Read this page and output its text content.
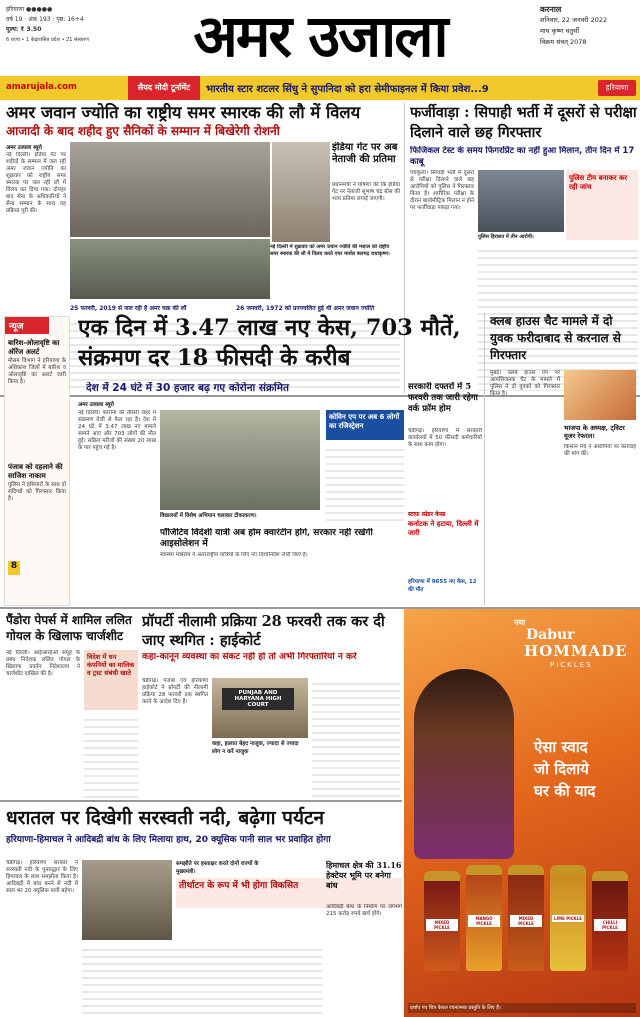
हरियाणा ●●●●●
वर्ष 19 · अंक 193 · पृष्ठ: 16+4
मूल्य: ₹ 3.50
6 राज्य • 1 केंद्रशासित प्रदेश • 21 संस्करण	अमर उजाला	करनाल
शनिवार, 22 जनवरी 2022
माघ कृष्ण चतुर्थी
विक्रम संवत् 2078
amarujala.com	सैयद मोदी टूर्नामेंट	भारतीय स्टार शटलर सिंधु ने सुपानिदा को हरा सेमीफाइनल में किया प्रवेश...9	हरियाणा
अमर जवान ज्योति का राष्ट्रीय समर स्मारक की लौ में विलय
आजादी के बाद शहीद हुए सैनिकों के सम्मान में बिखेरेगी रोशनी
अमर उजाला ब्यूरो
नई दिल्ली। इंडिया गेट पर शहीदों के सम्मान में जल रही अमर जवान ज्योति का शुक्रवार को राष्ट्रीय समर स्मारक पर जल रही लौ में विलय कर दिया गया। दोपहर बाद सेना के अधिकारियों ने सैन्य सम्मान के साथ यह प्रक्रिया पूरी की।
नई दिल्ली में शुक्रवार को अमर जवान ज्योति की मशाल को राष्ट्रीय समर स्मारक की लौ में विलय करते एयर मार्शल बलभद्र राधाकृष्ण।
इंडिया गेट पर अब नेताजी की प्रतिमा
प्रधानमंत्री ने घोषणा की कि इंडिया गेट पर नेताजी सुभाष चंद्र बोस की भव्य प्रतिमा लगाई जाएगी।
25 फरवरी, 2019 से जल रही है अमर चक्र की लौ	26 जनवरी, 1972 को प्रज्ज्वलित हुई थी अमर जवान ज्योति
फर्जीवाड़ा : सिपाही भर्ती में दूसरों से परीक्षा दिलाने वाले छह गिरफ्तार
फिजिकल टेस्ट के समय फिंगरप्रिंट का नहीं हुआ मिलान, तीन दिन में 17 काबू
पंचकूला। सिपाही भर्ती में दूसरों से परीक्षा दिलाने वाले छह आरोपियों को पुलिस ने गिरफ्तार किया है। शारीरिक परीक्षा के दौरान बायोमीट्रिक मिलान न होने पर फर्जीवाड़ा पकड़ा गया।
पुलिस हिरासत में तीन आरोपी।
पुलिस टीम बनाकर कर रही जांच
न्यूज
बारिश-ओलावृष्टि का ऑरेंज अलर्ट
मौसम विभाग ने हरियाणा के अधिकांश जिलों में बारिश व ओलावृष्टि का अलर्ट जारी किया है।
पंजाब को दहलाने की साजिश नाकाम
पुलिस ने हथियारों के साथ दो संदिग्धों को गिरफ्तार किया है।
8
एक दिन में 3.47 लाख नए केस, 703 मौतें, संक्रमण दर 18 फीसदी के करीब
देश में 24 घंटे में 30 हजार बढ़ गए कोरोना संक्रमित
अमर उजाला ब्यूरो
नई दिल्ली। कोरोना की तीसरी लहर में संक्रमण तेजी से फैल रहा है। देश में 24 घंटे में 3.47 लाख नए मामले सामने आए और 703 लोगों की मौत हुई। सक्रिय मरीजों की संख्या 20 लाख के पार पहुंच गई है।
विद्यालयों में विशेष अभियान चलाकर टीकाकरण।
कोविन एप पर अब 6 लोगों का रजिस्ट्रेशन
पॉजिटिव विदेशी यात्री अब होम क्वारंटीन होंगे, सरकार नहीं रखेगी आइसोलेशन में
स्वास्थ्य मंत्रालय ने अंतरराष्ट्रीय यात्रियों के लिए नए दिशानिर्देश जारी किए हैं।
सरकारी दफ्तरों में 5 फरवरी तक जारी रहेगा वर्क फ्रॉम होम
चंडीगढ़। हरियाणा में सरकारी कार्यालयों में 50 फीसदी कर्मचारियों के साथ काम होगा।
स्टाफ़ स्प्रेडर केस्ड
कर्नाटक ने हटाया, दिल्ली में जारी
हरियाणा में 9655 नए केस, 12 की मौत
क्लब हाउस चैट मामले में दो युवक फरीदाबाद से करनाल से गिरफ्तार
मुंबई। क्लब हाउस एप पर आपत्तिजनक चैट के मामले में पुलिस ने दो युवकों को गिरफ्तार किया है।
भाजपा के अध्यक्ष, ट्विटर यूजर रेफरल।
किसान मंच ने आरोपियों पर कार्रवाई की मांग की।
पैंडोरा पेपर्स में शामिल ललित गोयल के खिलाफ चार्जशीट
नई दिल्ली। आईआरईओ समूह के प्रबंध निदेशक ललित गोयल के खिलाफ प्रवर्तन निदेशालय ने चार्जशीट दाखिल की है।
विदेश में धन कंपनियों का मालिक व ट्रस्ट संबंधी खाते
प्रॉपर्टी नीलामी प्रक्रिया 28 फरवरी तक कर दी जाए स्थगित : हाईकोर्ट
कहा-कानून व्यवस्था का संकट नहीं हो तो अभी गिरफ्तारियां न करें
चंडीगढ़। पंजाब एवं हरियाणा हाईकोर्ट ने प्रॉपर्टी की नीलामी प्रक्रिया 28 फरवरी तक स्थगित करने के आदेश दिए हैं।
PUNJAB AND HARYANA HIGH COURT
कहा, हालात बेहद नाजुक, ज्यादा से ज्यादा लोग न करें नाजुक
नया
Dabur
HOMMADE
PICKLES
ऐसा स्वाद
जो दिलाये
घर की याद
MIXED PICKLE
MANGO PICKLE
MIXED PICKLE
LIME PICKLE
CHILLI PICKLE
दर्शाए गए चित्र केवल रचनात्मक प्रस्तुति के लिए हैं।
धरातल पर दिखेगी सरस्वती नदी, बढ़ेगा पर्यटन
हरियाणा-हिमाचल ने आदिबद्री बांध के लिए मिलाया हाथ, 20 क्यूसिक पानी साल भर प्रवाहित होगा
चंडीगढ़। हरियाणा सरकार ने सरस्वती नदी के पुनरुद्धार के लिए हिमाचल के साथ समझौता किया है। आदिबद्री में बांध बनने से नदी में साल भर 20 क्यूसिक पानी बहेगा।
समझौते पर हस्ताक्षर करते दोनों राज्यों के मुख्यमंत्री।
तीर्थाटन के रूप में भी होगा विकसित
हिमाचल क्षेत्र की 31.16 हेक्टेयर भूमि पर बनेगा बांध
आदिबद्री बांध के निर्माण पर लगभग 215 करोड़ रुपये खर्च होंगे।
